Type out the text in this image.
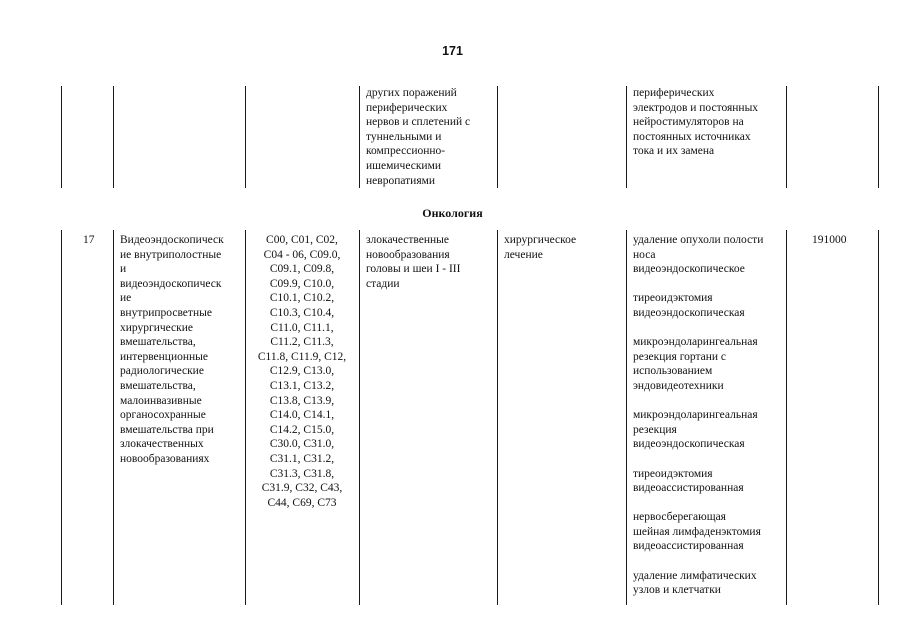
171
других поражений
периферических
нервов и сплетений с
туннельными и
компрессионно-
ишемическими
невропатиями
периферических
электродов и постоянных
нейростимуляторов на
постоянных источниках
тока и их замена
Онкология
17 Видеоэндоскопическ
ие внутриполостные
и
видеоэндоскопическ
ие
внутрипросветные
хирургические
вмешательства,
интервенционные
радиологические
вмешательства,
малоинвазивные
органосохранные
вмешательства при
злокачественных
новообразованиях
C00, C01, C02,
C04 - 06, C09.0,
C09.1, C09.8,
C09.9, C10.0,
C10.1, C10.2,
C10.3, C10.4,
C11.0, C11.1,
C11.2, C11.3,
C11.8, C11.9, C12,
C12.9, C13.0,
C13.1, C13.2,
C13.8, C13.9,
C14.0, C14.1,
C14.2, C15.0,
C30.0, C31.0,
C31.1, C31.2,
C31.3, C31.8,
C31.9, C32, C43,
C44, C69, C73
злокачественные
новообразования
головы и шеи I - III
стадии
хирургическое
лечение
удаление опухоли полости
носа
видеоэндоскопическое
тиреоидэктомия
видеоэндоскопическая
микроэндоларингеальная
резекция гортани с
использованием
эндовидеотехники
микроэндоларингеальная
резекция
видеоэндоскопическая
тиреоидэктомия
видеоассистированная
нервосберегающая
шейная лимфаденэктомия
видеоассистированная
удаление лимфатических
узлов и клетчатки
191000
